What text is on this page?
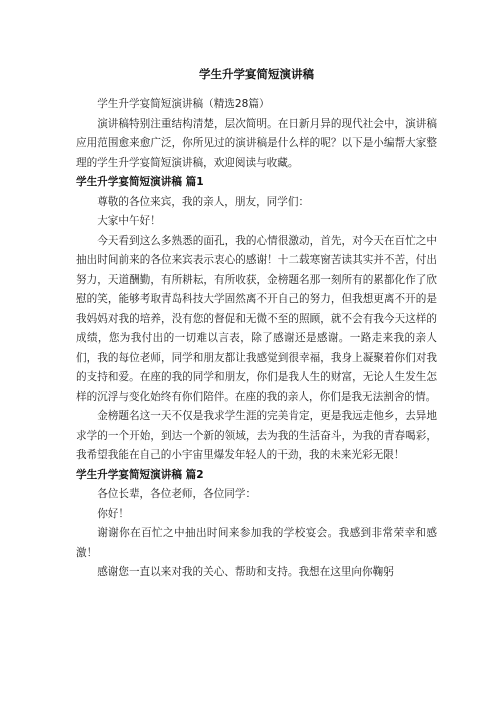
学生升学宴简短演讲稿

学生升学宴简短演讲稿（精选28篇）

演讲稿特别注重结构清楚，层次简明。在日新月异的现代社会中，演讲稿应用范围愈来愈广泛，你所见过的演讲稿是什么样的呢？以下是小编帮大家整理的学生升学宴简短演讲稿，欢迎阅读与收藏。

学生升学宴简短演讲稿 篇1

尊敬的各位来宾，我的亲人，朋友，同学们：

大家中午好！

今天看到这么多熟悉的面孔，我的心情很激动，首先，对今天在百忙之中抽出时间前来的各位来宾表示衷心的感谢！十二载寒窗苦读其实并不苦，付出努力，天道酬勤，有所耕耘，有所收获，金榜题名那一刻所有的累都化作了欣慰的笑，能够考取青岛科技大学固然离不开自己的努力，但我想更离不开的是我妈妈对我的培养，没有您的督促和无微不至的照顾，就不会有我今天这样的成绩，您为我付出的一切难以言表，除了感谢还是感谢。一路走来我的亲人们，我的每位老师，同学和朋友都让我感觉到很幸福，我身上凝聚着你们对我的支持和爱。在座的我的同学和朋友，你们是我人生的财富，无论人生发生怎样的沉浮与变化始终有你们陪伴。在座的我的亲人，你们是我无法割舍的情。

金榜题名这一天不仅是我求学生涯的完美肯定，更是我远走他乡，去异地求学的一个开始，到达一个新的领域，去为我的生活奋斗，为我的青春喝彩，我希望我能在自己的小宇宙里爆发年轻人的干劲，我的未来光彩无限！

学生升学宴简短演讲稿 篇2

各位长辈，各位老师，各位同学：

你好！

谢谢你在百忙之中抽出时间来参加我的学校宴会。我感到非常荣幸和感激！

感谢您一直以来对我的关心、帮助和支持。我想在这里向你鞠躬
